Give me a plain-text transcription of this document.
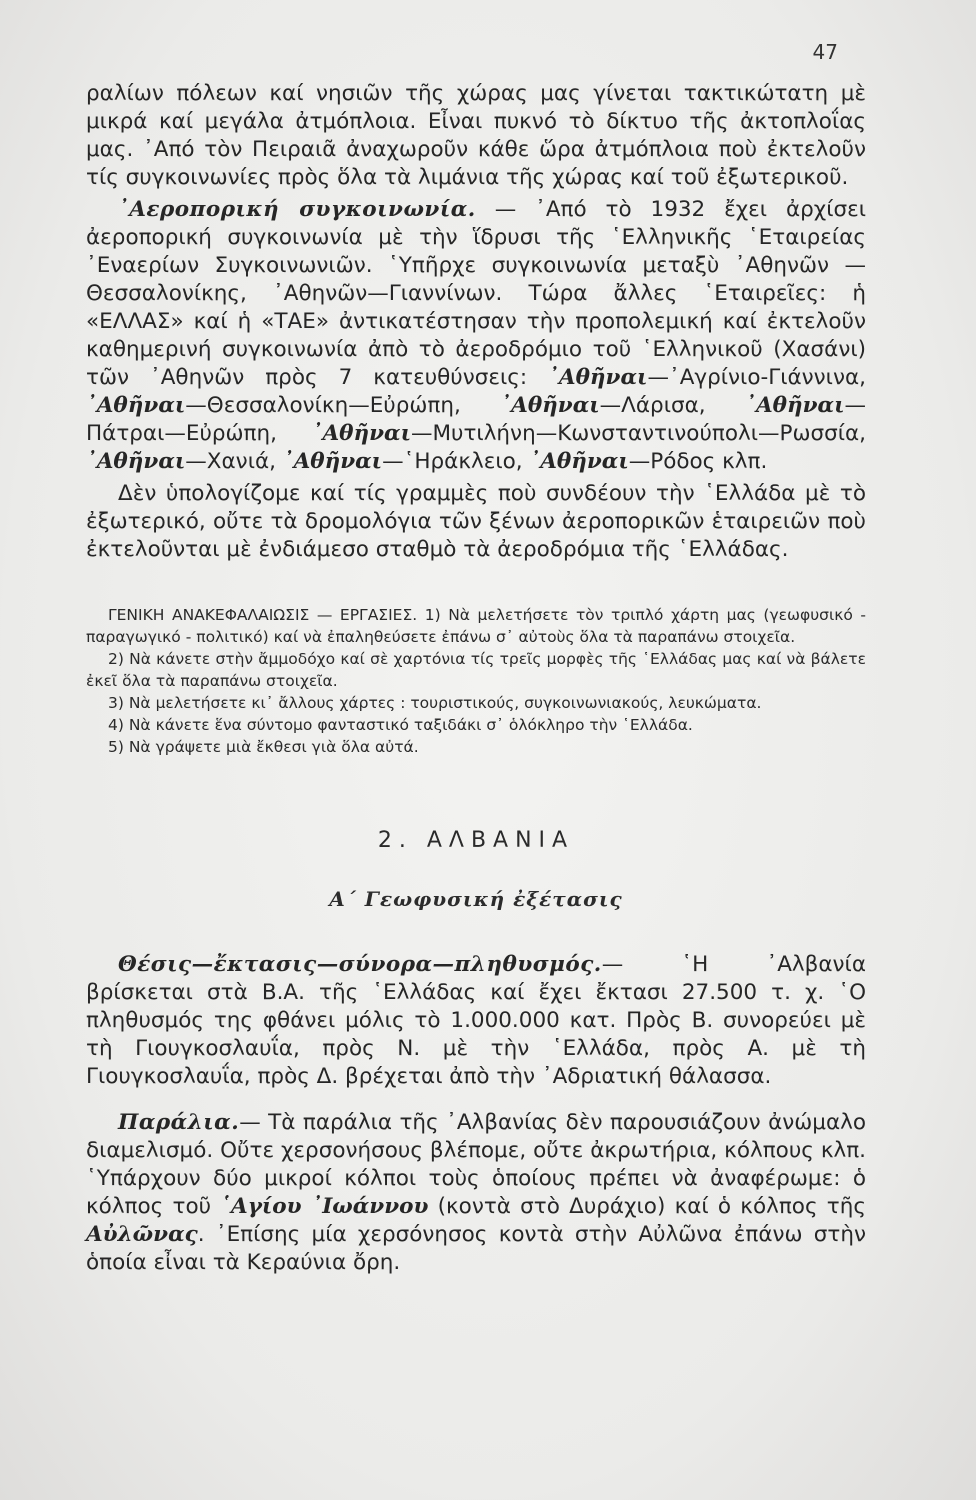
47

ραλίων πόλεων καί νησιῶν τῆς χώρας μας γίνεται τακτικώτατη μὲ μικρά καί μεγάλα ἀτμόπλοια. Εἶναι πυκνό τὸ δίκτυο τῆς ἀκτοπλοΐας μας. ᾿Από τὸν Πειραιᾶ ἀναχωροῦν κάθε ὥρα ἀτμόπλοια ποὺ ἐκτελοῦν τίς συγκοινωνίες πρὸς ὅλα τὰ λιμάνια τῆς χώρας καί τοῦ ἐξωτερικοῦ.

᾿Αεροπορική συγκοινωνία. — ᾿Από τὸ 1932 ἔχει ἀρχίσει ἀεροπορική συγκοινωνία μὲ τὴν ἵδρυσι τῆς ῾Ελληνικῆς ῾Εταιρείας ᾿Εναερίων Συγκοινωνιῶν. ῾Υπῆρχε συγκοινωνία μεταξὺ ᾿Αθηνῶν — Θεσσαλονίκης, ᾿Αθηνῶν—Γιαννίνων. Τώρα ἄλλες ῾Εταιρεῖες: ἡ «ΕΛΛΑΣ» καί ἡ «ΤΑΕ» ἀντικατέστησαν τὴν προπολεμική καί ἐκτελοῦν καθημερινή συγκοινωνία ἀπὸ τὸ ἀεροδρόμιο τοῦ ῾Ελληνικοῦ (Χασάνι) τῶν ᾿Αθηνῶν πρὸς 7 κατευθύνσεις: ᾿Αθῆναι—᾿Αγρίνιο-Γιάννινα, ᾿Αθῆναι—Θεσσαλονίκη—Εὐρώπη, ᾿Αθῆναι—Λάρισα, ᾿Αθῆναι—Πάτραι—Εὐρώπη, ᾿Αθῆναι—Μυτιλήνη—Κωνσταντινούπολι—Ρωσσία, ᾿Αθῆναι—Χανιά, ᾿Αθῆναι—῾Ηράκλειο, ᾿Αθῆναι—Ρόδος κλπ.

Δὲν ὑπολογίζομε καί τίς γραμμὲς ποὺ συνδέουν τὴν ῾Ελλάδα μὲ τὸ ἐξωτερικό, οὔτε τὰ δρομολόγια τῶν ξένων ἀεροπορικῶν ἑταιρειῶν ποὺ ἐκτελοῦνται μὲ ἐνδιάμεσο σταθμὸ τὰ ἀεροδρόμια τῆς ῾Ελλάδας.

ΓΕΝΙΚΗ ΑΝΑΚΕΦΑΛΑΙΩΣΙΣ — ΕΡΓΑΣΙΕΣ. 1) Νὰ μελετήσετε τὸν τριπλό χάρτη μας (γεωφυσικό - παραγωγικό - πολιτικό) καί νὰ ἐπαληθεύσετε ἐπάνω σ᾿ αὐτοὺς ὅλα τὰ παραπάνω στοιχεῖα.

2) Νὰ κάνετε στὴν ἄμμοδόχο καί σὲ χαρτόνια τίς τρεῖς μορφὲς τῆς ῾Ελλάδας μας καί νὰ βάλετε ἐκεῖ ὅλα τὰ παραπάνω στοιχεῖα.

3) Νὰ μελετήσετε κι᾿ ἄλλους χάρτες : τουριστικούς, συγκοινωνιακούς, λευκώματα.

4) Νὰ κάνετε ἕνα σύντομο φανταστικό ταξιδάκι σ᾿ ὁλόκληρο τὴν ῾Ελλάδα.

5) Νὰ γράψετε μιὰ ἔκθεσι γιὰ ὅλα αὐτά.

2. ΑΛΒΑΝΙΑ
Α΄ Γεωφυσική ἐξέτασις

Θέσις—ἔκτασις—σύνορα—πληθυσμός.— ῾Η ᾿Αλβανία βρίσκεται στὰ Β.Α. τῆς ῾Ελλάδας καί ἔχει ἔκτασι 27.500 τ. χ. ῾Ο πληθυσμός της φθάνει μόλις τὸ 1.000.000 κατ. Πρὸς Β. συνορεύει μὲ τὴ Γιουγκοσλαυΐα, πρὸς Ν. μὲ τὴν ῾Ελλάδα, πρὸς Α. μὲ τὴ Γιουγκοσλαυΐα, πρὸς Δ. βρέχεται ἀπὸ τὴν ᾿Αδριατική θάλασσα.

Παράλια.— Τὰ παράλια τῆς ᾿Αλβανίας δὲν παρουσιάζουν ἀνώμαλο διαμελισμό. Οὔτε χερσονήσους βλέπομε, οὔτε ἀκρωτήρια, κόλπους κλπ. ῾Υπάρχουν δύο μικροί κόλποι τοὺς ὁποίους πρέπει νὰ ἀναφέρωμε: ὁ κόλπος τοῦ ῾Αγίου ᾿Ιωάννου (κοντὰ στὸ Δυράχιο) καί ὁ κόλπος τῆς Αὐλῶνας. ᾿Επίσης μία χερσόνησος κοντὰ στὴν Αὐλῶνα ἐπάνω στὴν ὁποία εἶναι τὰ Κεραύνια ὄρη.
